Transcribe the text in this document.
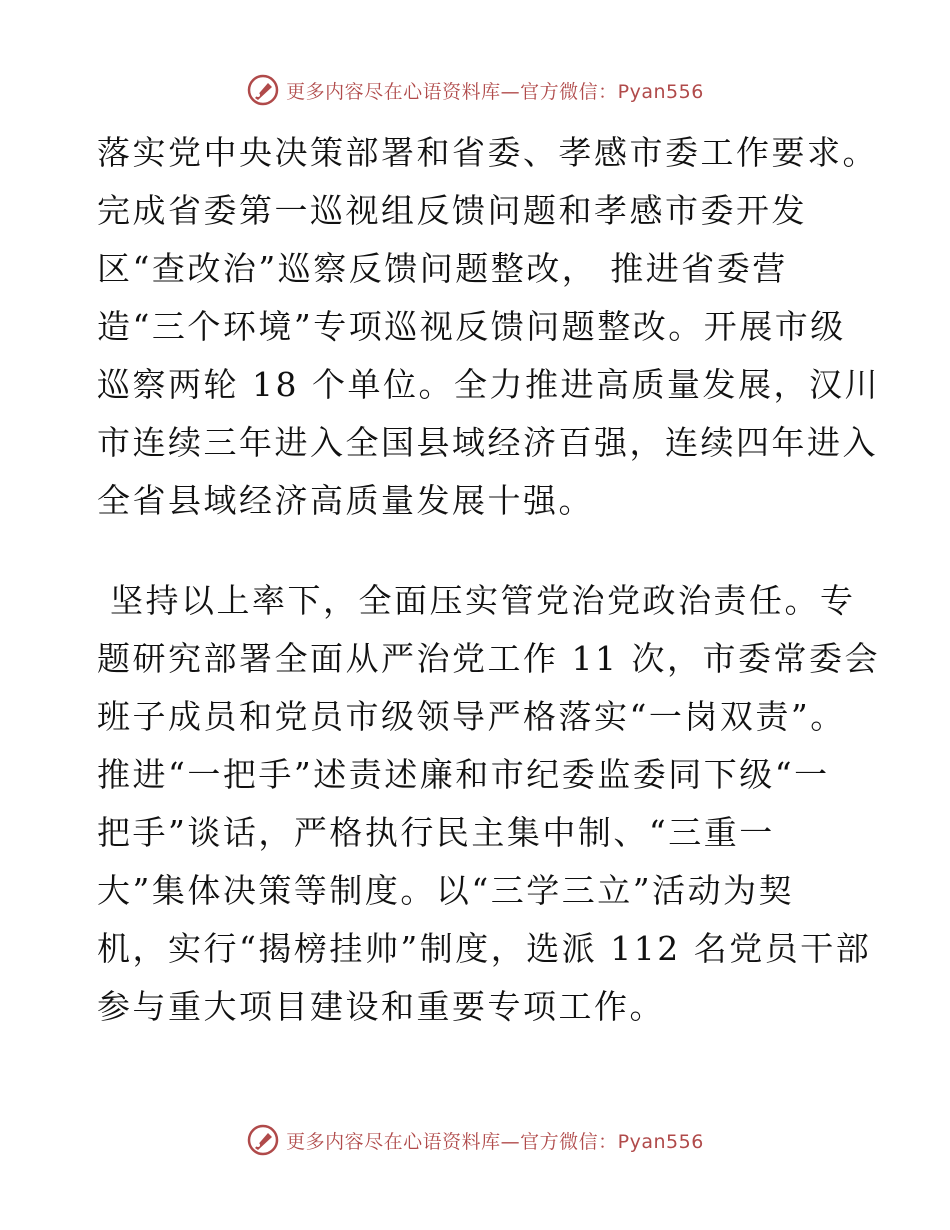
更多内容尽在心语资料库—官方微信：Pyan556
落实党中央决策部署和省委、孝感市委工作要求。
完成省委第一巡视组反馈问题和孝感市委开发
区“查改治”巡察反馈问题整改， 推进省委营
造“三个环境”专项巡视反馈问题整改。开展市级
巡察两轮 18 个单位。全力推进高质量发展，汉川
市连续三年进入全国县域经济百强，连续四年进入
全省县域经济高质量发展十强。
坚持以上率下，全面压实管党治党政治责任。专
题研究部署全面从严治党工作 11 次，市委常委会
班子成员和党员市级领导严格落实“一岗双责”。
推进“一把手”述责述廉和市纪委监委同下级“一
把手”谈话，严格执行民主集中制、“三重一
大”集体决策等制度。以“三学三立”活动为契
机，实行“揭榜挂帅”制度，选派 112 名党员干部
参与重大项目建设和重要专项工作。
更多内容尽在心语资料库—官方微信：Pyan556
